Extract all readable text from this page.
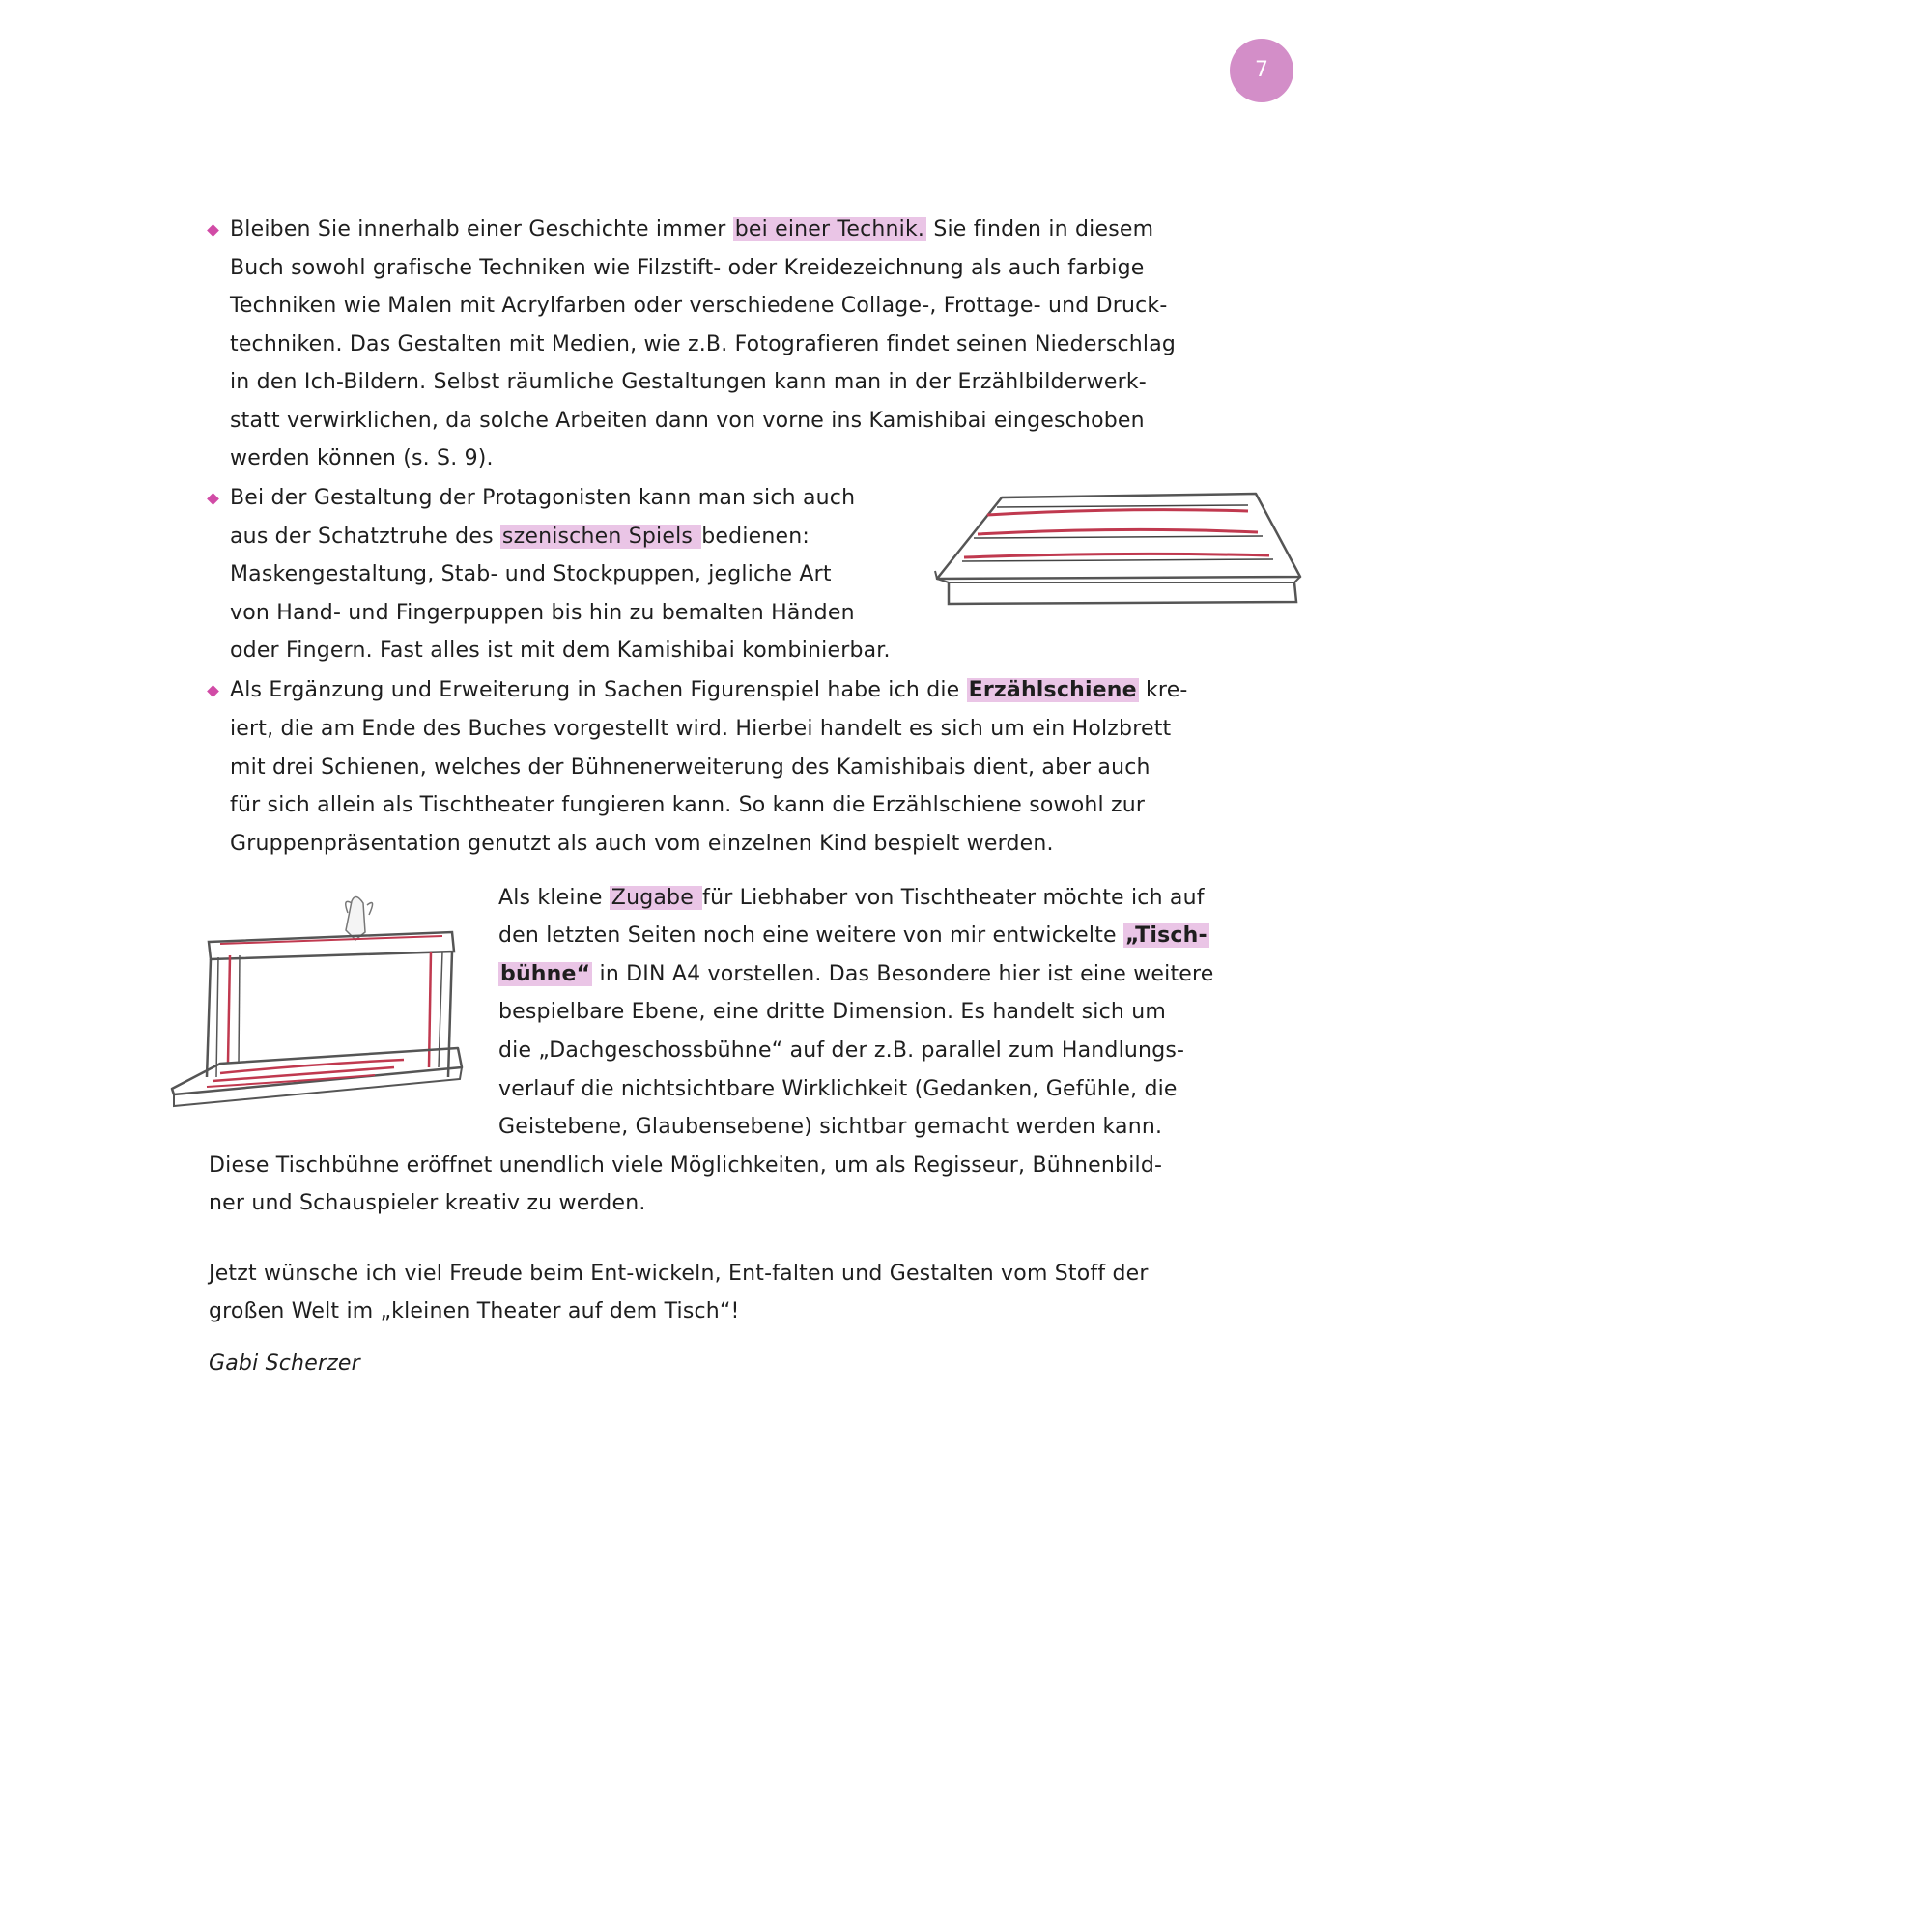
7
Bleiben Sie innerhalb einer Geschichte immer bei einer Technik. Sie finden in diesem
Buch sowohl grafische Techniken wie Filzstift- oder Kreidezeichnung als auch farbige
Techniken wie Malen mit Acrylfarben oder verschiedene Collage-, Frottage- und Druck-
techniken. Das Gestalten mit Medien, wie z.B. Fotografieren findet seinen Niederschlag
in den Ich-Bildern. Selbst räumliche Gestaltungen kann man in der Erzählbilderwerk-
statt verwirklichen, da solche Arbeiten dann von vorne ins Kamishibai eingeschoben
werden können (s. S. 9).
Bei der Gestaltung der Protagonisten kann man sich auch
aus der Schatztruhe des szenischen Spiels bedienen:
Maskengestaltung, Stab- und Stockpuppen, jegliche Art
von Hand- und Fingerpuppen bis hin zu bemalten Händen
oder Fingern. Fast alles ist mit dem Kamishibai kombinierbar.
Als Ergänzung und Erweiterung in Sachen Figurenspiel habe ich die Erzählschiene kre-
iert, die am Ende des Buches vorgestellt wird. Hierbei handelt es sich um ein Holzbrett
mit drei Schienen, welches der Bühnenerweiterung des Kamishibais dient, aber auch
für sich allein als Tischtheater fungieren kann. So kann die Erzählschiene sowohl zur
Gruppenpräsentation genutzt als auch vom einzelnen Kind bespielt werden.
Als kleine Zugabe für Liebhaber von Tischtheater möchte ich auf
den letzten Seiten noch eine weitere von mir entwickelte „Tisch-
bühne“ in DIN A4 vorstellen. Das Besondere hier ist eine weitere
bespielbare Ebene, eine dritte Dimension. Es handelt sich um
die „Dachgeschossbühne“ auf der z.B. parallel zum Handlungs-
verlauf die nichtsichtbare Wirklichkeit (Gedanken, Gefühle, die
Geistebene, Glaubensebene) sichtbar gemacht werden kann.
Diese Tischbühne eröffnet unendlich viele Möglichkeiten, um als Regisseur, Bühnenbild-
ner und Schauspieler kreativ zu werden.
Jetzt wünsche ich viel Freude beim Ent-wickeln, Ent-falten und Gestalten vom Stoff der
großen Welt im „kleinen Theater auf dem Tisch“!
Gabi Scherzer
